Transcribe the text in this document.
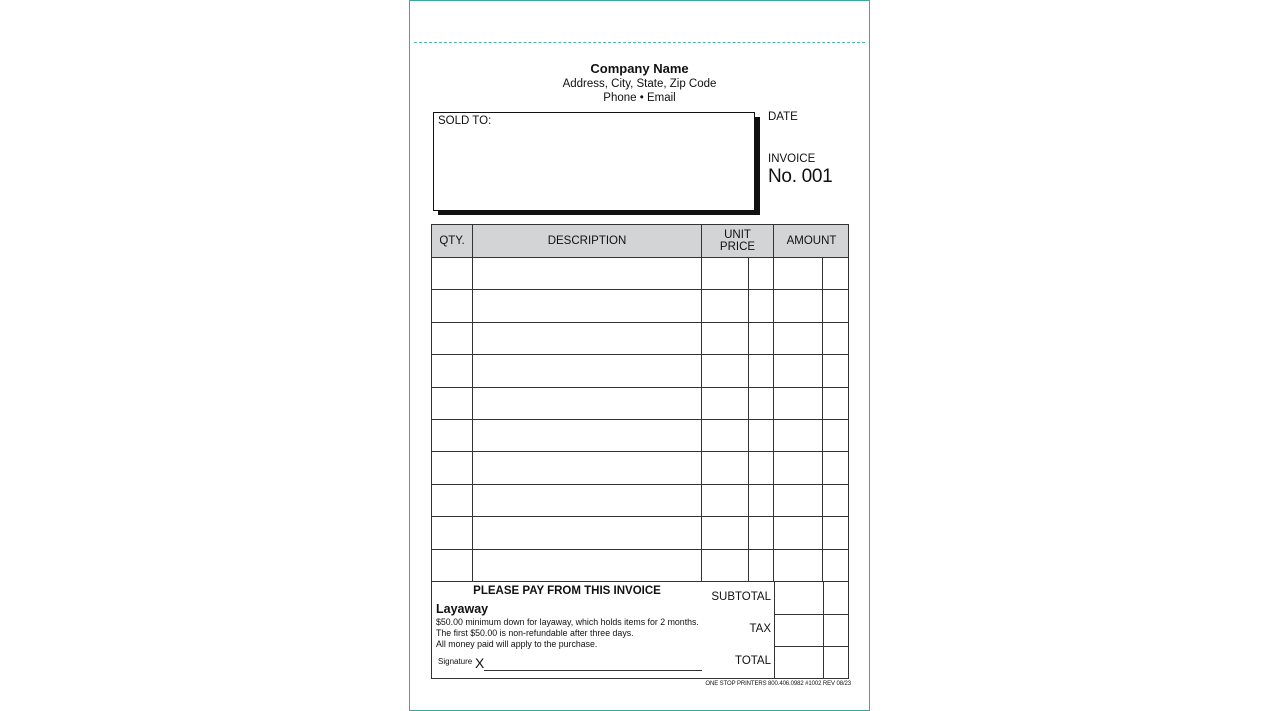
Company Name
Address, City, State, Zip Code
Phone • Email
SOLD TO:	DATE
INVOICE
No. 001
QTY.	DESCRIPTION	UNIT PRICE	AMOUNT
PLEASE PAY FROM THIS INVOICE
Layaway
$50.00 minimum down for layaway, which holds items for 2 months.
The first $50.00 is non-refundable after three days.
All money paid will apply to the purchase.
Signature X
SUBTOTAL
TAX
TOTAL
ONE STOP PRINTERS 800.406.0982 #1002 REV 08/23
